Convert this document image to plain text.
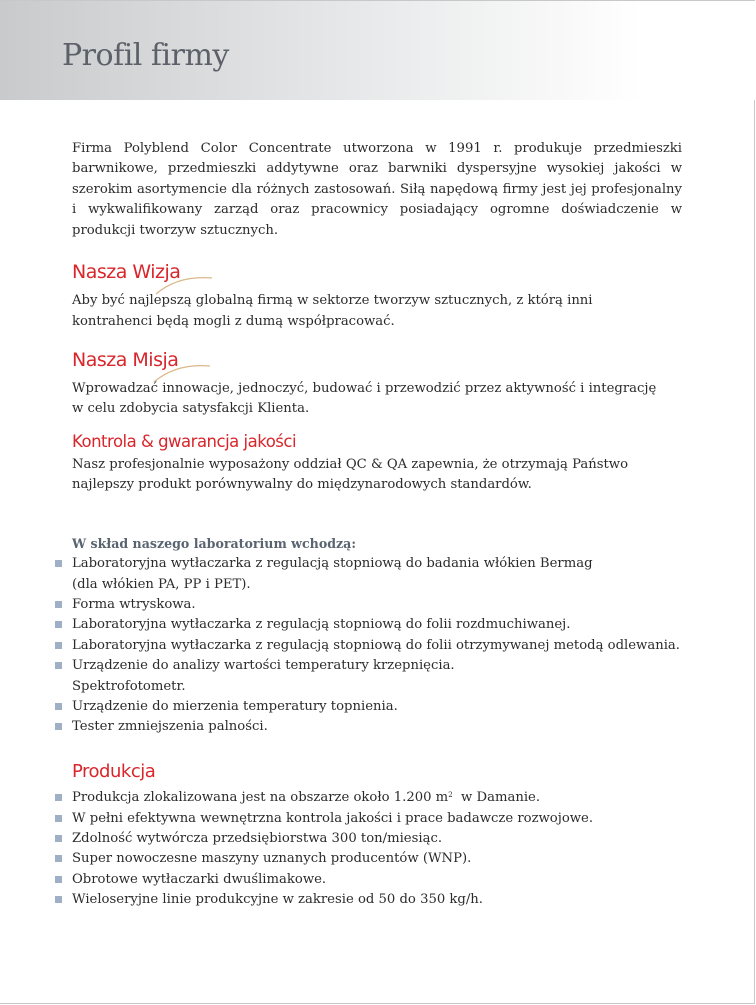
Profil firmy

Firma Polyblend Color Concentrate utworzona w 1991 r. produkuje przedmieszki barwnikowe, przedmieszki addytywne oraz barwniki dyspersyjne wysokiej jakości w szerokim asortymencie dla różnych zastosowań. Siłą napędową firmy jest jej profesjonalny i wykwalifikowany zarząd oraz pracownicy posiadający ogromne doświadczenie w produkcji tworzyw sztucznych.

Nasza Wizja

Aby być najlepszą globalną firmą w sektorze tworzyw sztucznych, z którą inni

kontrahenci będą mogli z dumą współpracować.

Nasza Misja

Wprowadzać innowacje, jednoczyć, budować i przewodzić przez aktywność i integrację

w celu zdobycia satysfakcji Klienta.

Kontrola & gwarancja jakości

Nasz profesjonalnie wyposażony oddział QC & QA zapewnia, że otrzymają Państwo

najlepszy produkt porównywalny do międzynarodowych standardów.

W skład naszego laboratorium wchodzą:

Laboratoryjna wytłaczarka z regulacją stopniową do badania włókien Bermag
(dla włókien PA, PP i PET).
Forma wtryskowa.
Laboratoryjna wytłaczarka z regulacją stopniową do folii rozdmuchiwanej.
Laboratoryjna wytłaczarka z regulacją stopniową do folii otrzymywanej metodą odlewania.
Urządzenie do analizy wartości temperatury krzepnięcia.
Spektrofotometr.
Urządzenie do mierzenia temperatury topnienia.
Tester zmniejszenia palności.
Produkcja
Produkcja zlokalizowana jest na obszarze około 1.200 $m^2$  w Damanie.
W pełni efektywna wewnętrzna kontrola jakości i prace badawcze rozwojowe.
Zdolność wytwórcza przedsiębiorstwa 300 ton/miesiąc.
Super nowoczesne maszyny uznanych producentów (WNP).
Obrotowe wytłaczarki dwuślimakowe.
Wieloseryjne linie produkcyjne w zakresie od 50 do 350 kg/h.
